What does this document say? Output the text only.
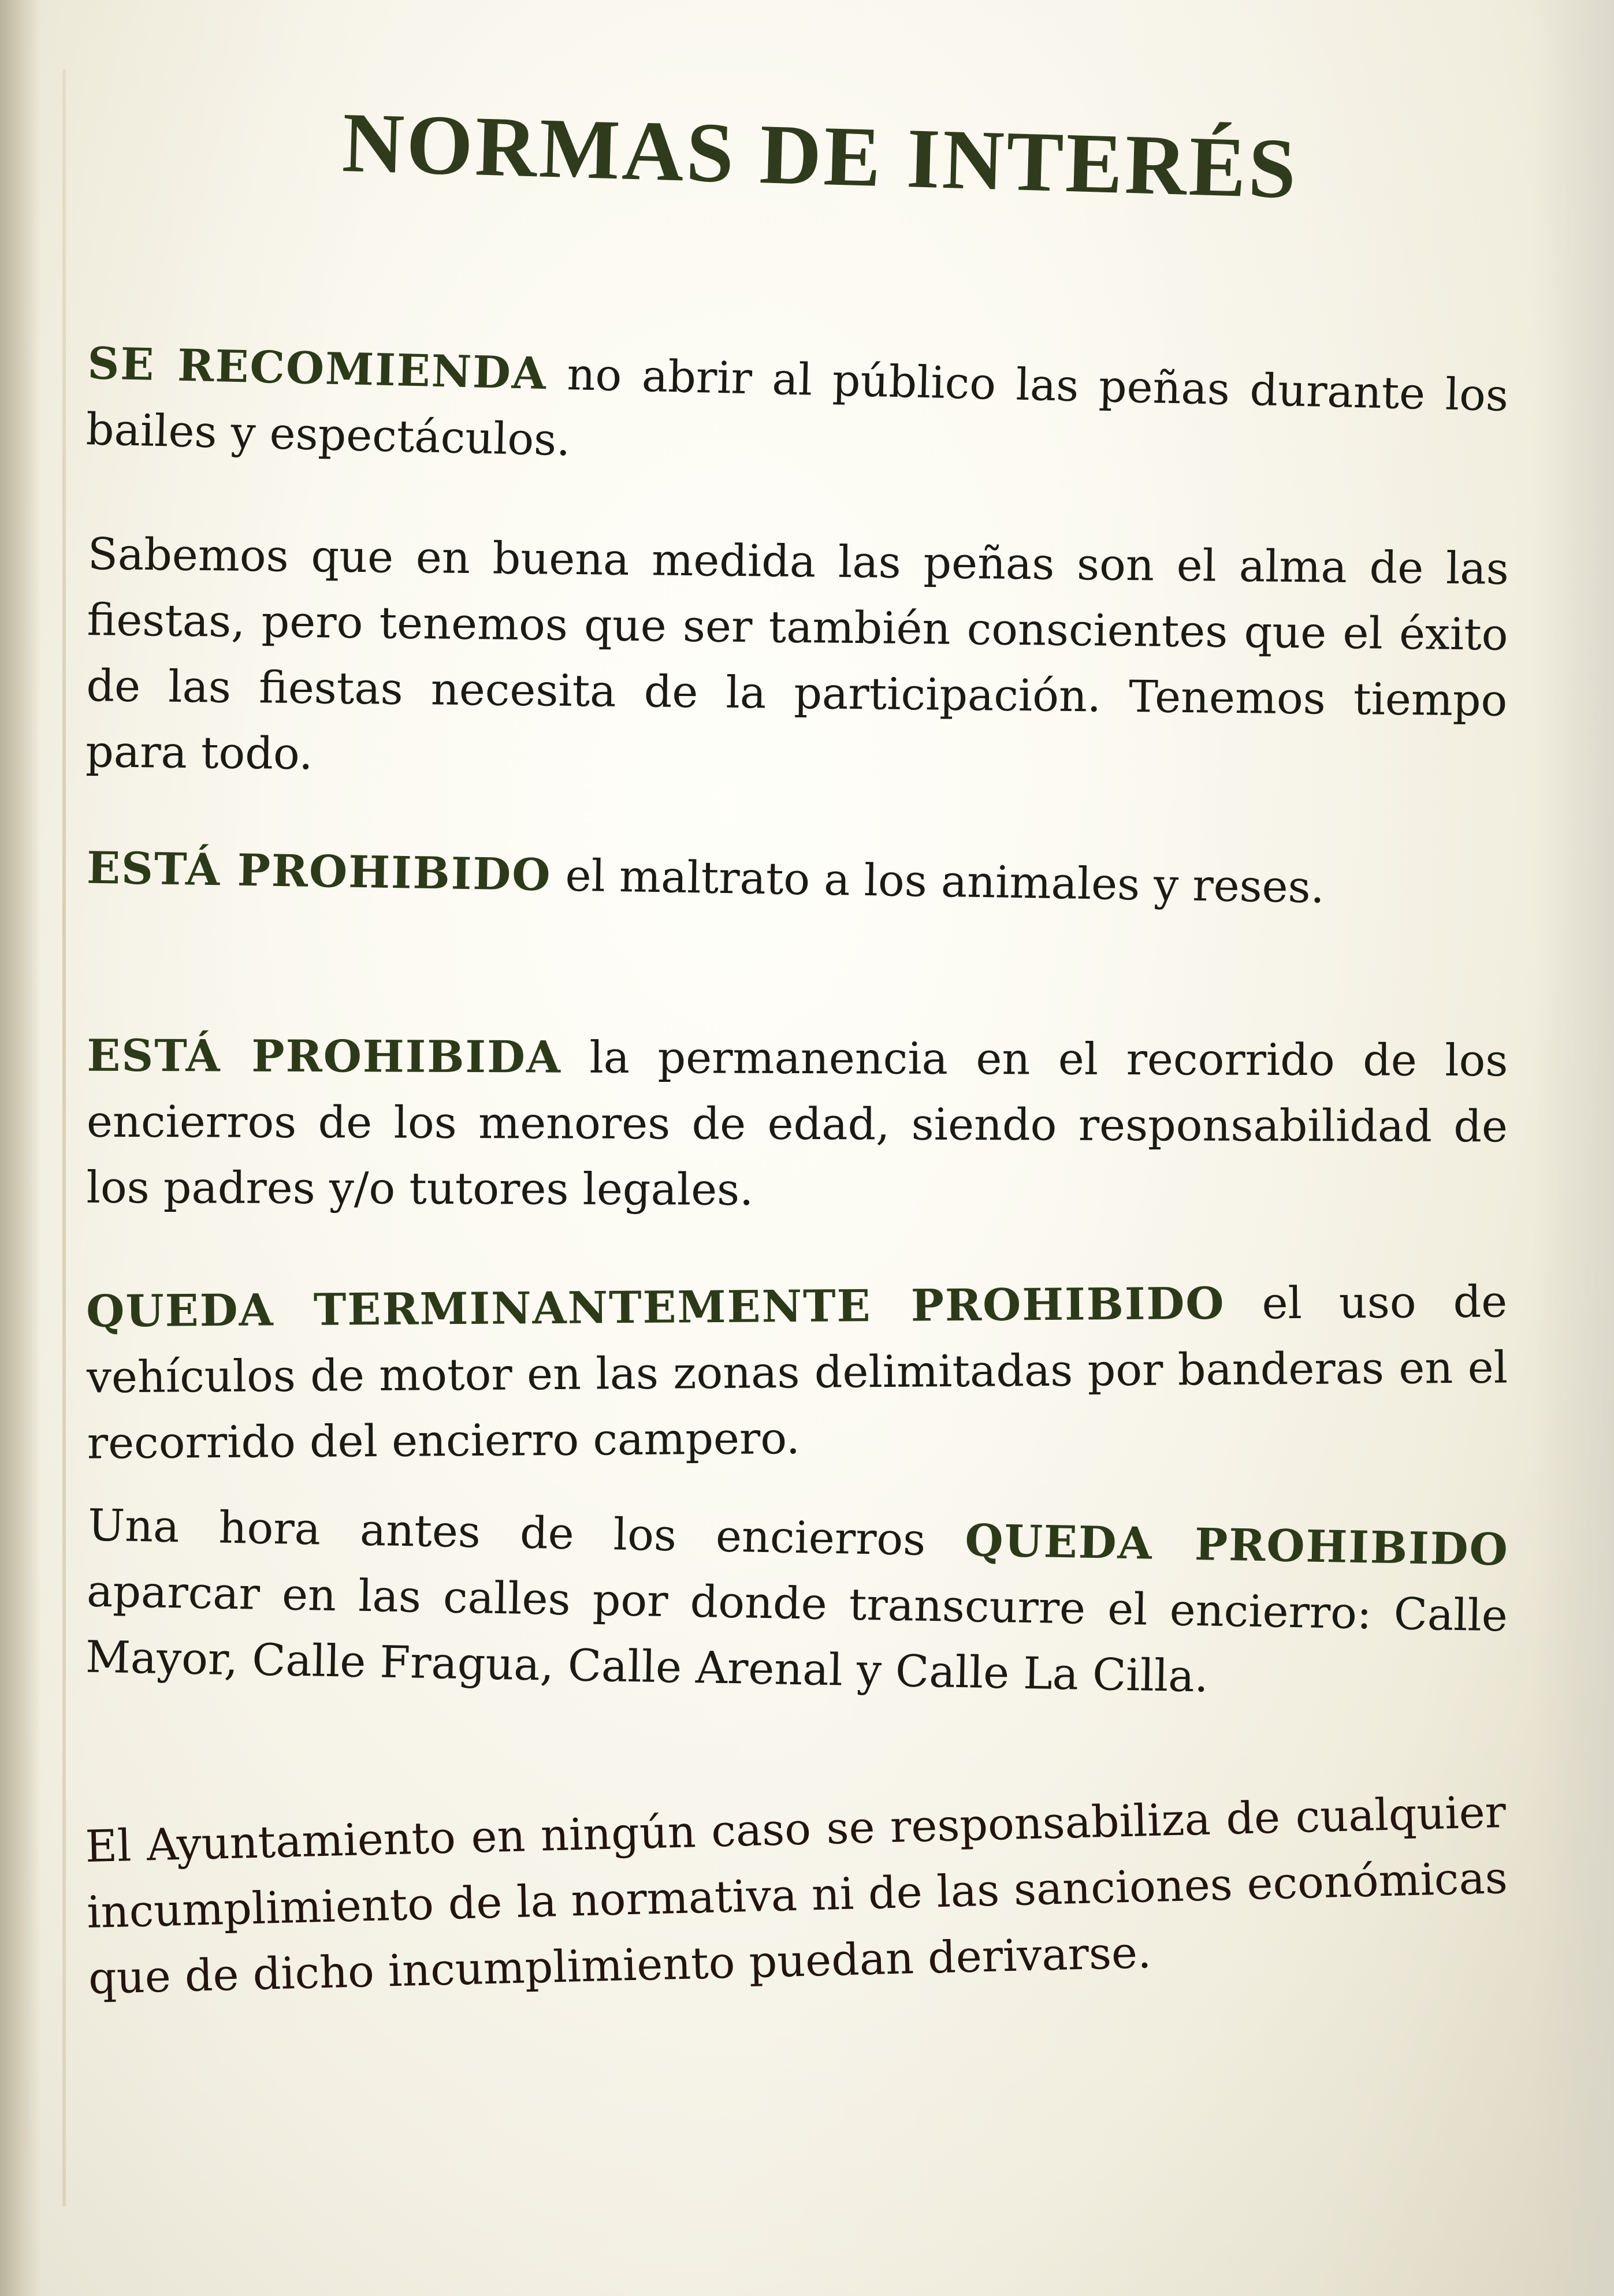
NORMAS DE INTERÉS
SE RECOMIENDA no abrir al público las peñas durante los bailes y espectáculos.
Sabemos que en buena medida las peñas son el alma de las fiestas, pero tenemos que ser también conscientes que el éxito de las fiestas necesita de la participación. Tenemos tiempo para todo.
ESTÁ PROHIBIDO el maltrato a los animales y reses.
ESTÁ PROHIBIDA la permanencia en el recorrido de los encierros de los menores de edad, siendo responsabilidad de los padres y/o tutores legales.
QUEDA TERMINANTEMENTE PROHIBIDO el uso de vehículos de motor en las zonas delimitadas por banderas en el recorrido del encierro campero.
Una hora antes de los encierros QUEDA PROHIBIDO aparcar en las calles por donde transcurre el encierro: Calle Mayor, Calle Fragua, Calle Arenal y Calle La Cilla.
El Ayuntamiento en ningún caso se responsabiliza de cualquier incumplimiento de la normativa ni de las sanciones económicas que de dicho incumplimiento puedan derivarse.
